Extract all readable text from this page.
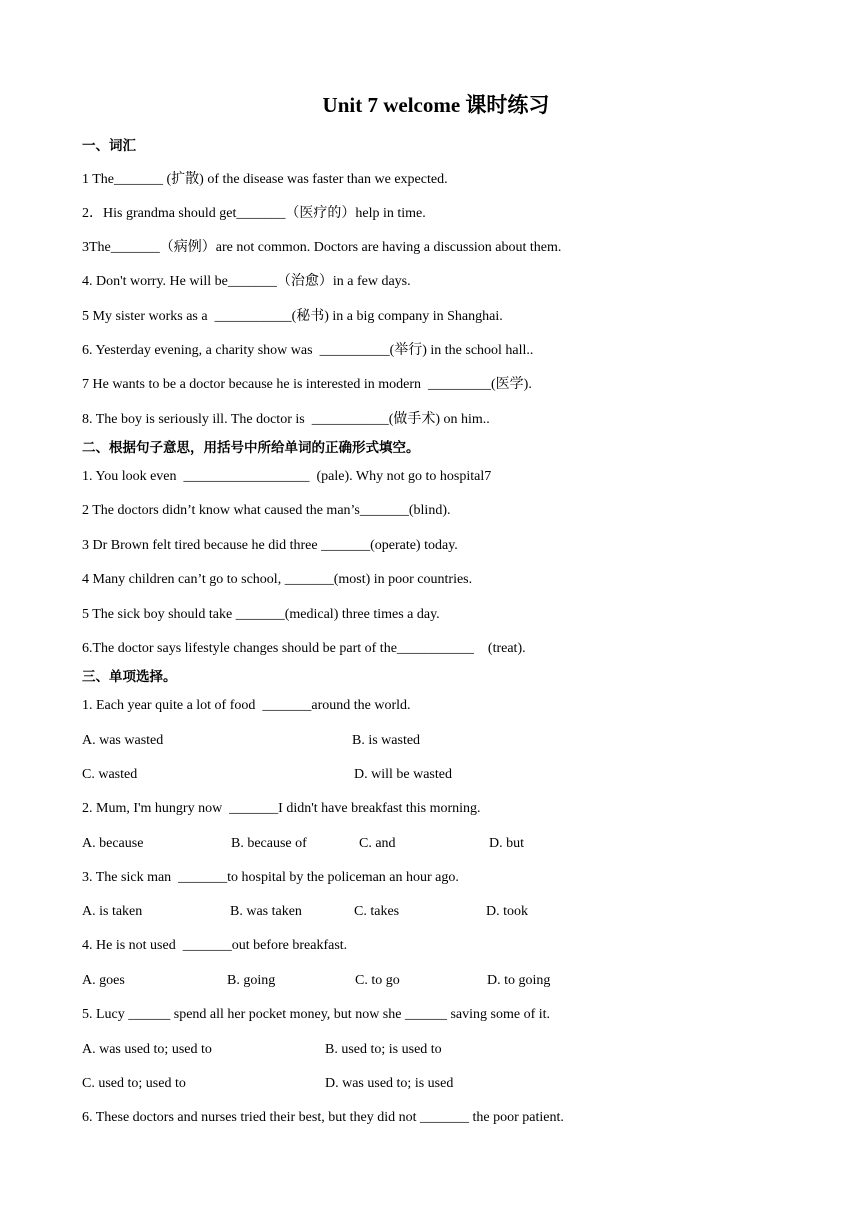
Unit 7 welcome 课时练习
一、词汇
1 The_______ (扩散) of the disease was faster than we expected.
2．His grandma should get_______（医疗的）help in time.
3The_______（病例）are not common. Doctors are having a discussion about them.
4. Don't worry. He will be_______（治愈）in a few days.
5 My sister works as a  ___________(秘书) in a big company in Shanghai.
6. Yesterday evening, a charity show was  __________(举行) in the school hall..
7 He wants to be a doctor because he is interested in modern  _________(医学).
8. The boy is seriously ill. The doctor is  ___________(做手术) on him..
二、根据句子意思，用括号中所给单词的正确形式填空。
1. You look even  __________________  (pale). Why not go to hospital7
2 The doctors didn’t know what caused the man’s_______(blind).
3 Dr Brown felt tired because he did three _______(operate) today.
4 Many children can’t go to school, _______(most) in poor countries.
5 The sick boy should take _______(medical) three times a day.
6.The doctor says lifestyle changes should be part of the___________    (treat).
三、单项选择。
1. Each year quite a lot of food  _______around the world.
A. was wasted	B. is wasted
C. wasted	D. will be wasted
2. Mum, I'm hungry now  _______I didn't have breakfast this morning.
A. because	B. because of	C. and	D. but
3. The sick man  _______to hospital by the policeman an hour ago.
A. is taken	B. was taken	C. takes	D. took
4. He is not used  _______out before breakfast.
A. goes	B. going	C. to go	D. to going
5. Lucy ______ spend all her pocket money, but now she ______ saving some of it.
A. was used to; used to	B. used to; is used to
C. used to; used to	D. was used to; is used
6. These doctors and nurses tried their best, but they did not _______ the poor patient.
